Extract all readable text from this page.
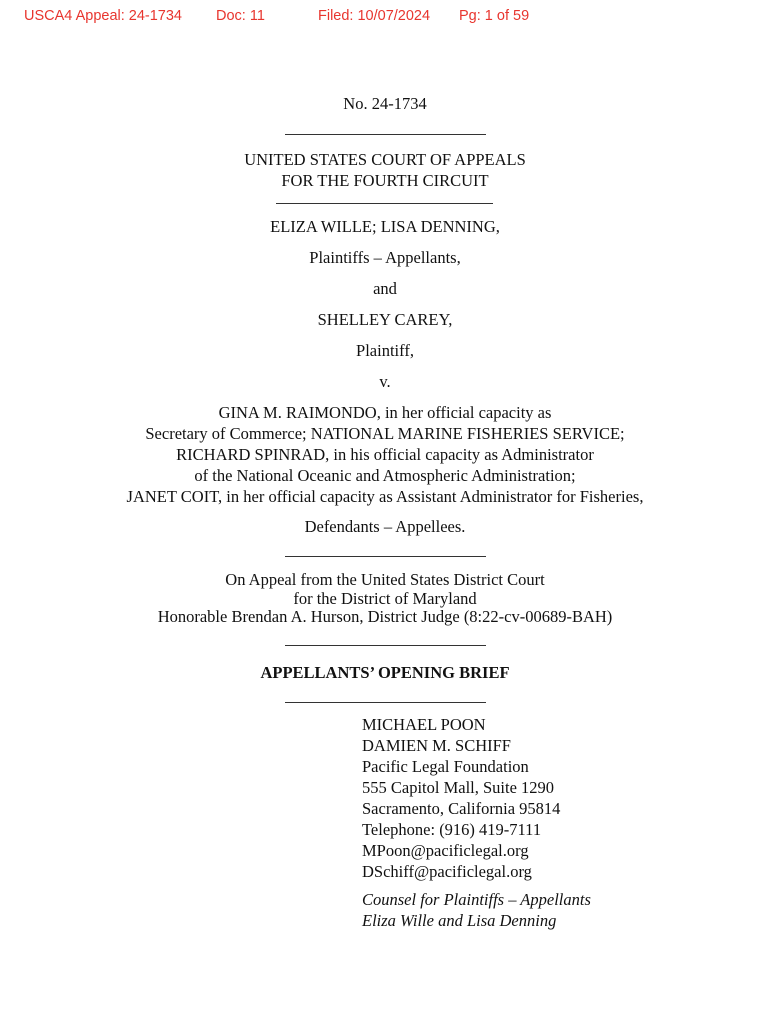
USCA4 Appeal: 24-1734 Doc: 11	Filed: 10/07/2024 Pg: 1 of 59
No. 24-1734
UNITED STATES COURT OF APPEALS
FOR THE FOURTH CIRCUIT
ELIZA WILLE; LISA DENNING,
Plaintiffs – Appellants,
and
SHELLEY CAREY,
Plaintiff,
v.
GINA M. RAIMONDO, in her official capacity as
Secretary of Commerce; NATIONAL MARINE FISHERIES SERVICE;
RICHARD SPINRAD, in his official capacity as Administrator
of the National Oceanic and Atmospheric Administration;
JANET COIT, in her official capacity as Assistant Administrator for Fisheries,
Defendants – Appellees.
On Appeal from the United States District Court
for the District of Maryland
Honorable Brendan A. Hurson, District Judge (8:22-cv-00689-BAH)
APPELLANTS’ OPENING BRIEF
MICHAEL POON
DAMIEN M. SCHIFF
Pacific Legal Foundation
555 Capitol Mall, Suite 1290
Sacramento, California 95814
Telephone: (916) 419-7111
MPoon@pacificlegal.org
DSchiff@pacificlegal.org
Counsel for Plaintiffs – Appellants
Eliza Wille and Lisa Denning
